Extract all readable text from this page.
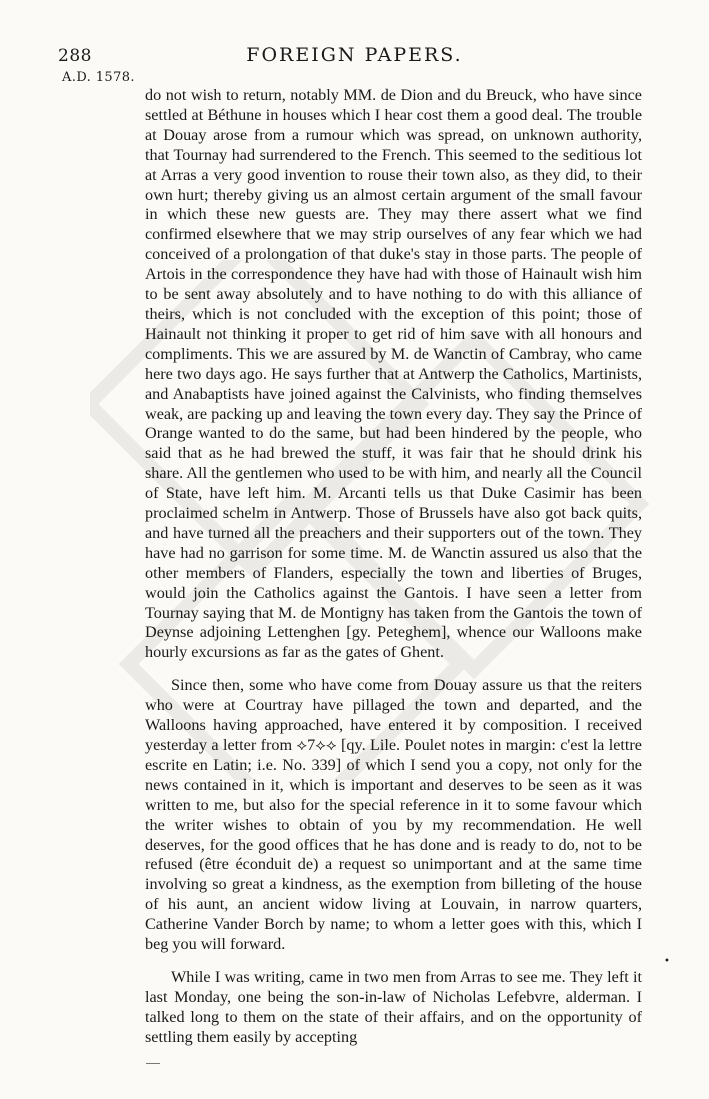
288	FOREIGN PAPERS.
A.D. 1578.

do not wish to return, notably MM. de Dion and du Breuck, who have since settled at Béthune in houses which I hear cost them a good deal. The trouble at Douay arose from a rumour which was spread, on unknown authority, that Tournay had surrendered to the French. This seemed to the seditious lot at Arras a very good invention to rouse their town also, as they did, to their own hurt; thereby giving us an almost certain argument of the small favour in which these new guests are. They may there assert what we find confirmed elsewhere that we may strip ourselves of any fear which we had conceived of a prolongation of that duke's stay in those parts. The people of Artois in the correspondence they have had with those of Hainault wish him to be sent away absolutely and to have nothing to do with this alliance of theirs, which is not concluded with the exception of this point; those of Hainault not thinking it proper to get rid of him save with all honours and compliments. This we are assured by M. de Wanctin of Cambray, who came here two days ago. He says further that at Antwerp the Catholics, Martinists, and Anabaptists have joined against the Calvinists, who finding themselves weak, are packing up and leaving the town every day. They say the Prince of Orange wanted to do the same, but had been hindered by the people, who said that as he had brewed the stuff, it was fair that he should drink his share. All the gentlemen who used to be with him, and nearly all the Council of State, have left him. M. Arcanti tells us that Duke Casimir has been proclaimed schelm in Antwerp. Those of Brussels have also got back quits, and have turned all the preachers and their supporters out of the town. They have had no garrison for some time. M. de Wanctin assured us also that the other members of Flanders, especially the town and liberties of Bruges, would join the Catholics against the Gantois. I have seen a letter from Tournay saying that M. de Montigny has taken from the Gantois the town of Deynse adjoining Lettenghen [gy. Peteghem], whence our Walloons make hourly excursions as far as the gates of Ghent.

Since then, some who have come from Douay assure us that the reiters who were at Courtray have pillaged the town and departed, and the Walloons having approached, have entered it by composition. I received yesterday a letter from ⟡7⟡⟡ [qy. Lile. Poulet notes in margin: c'est la lettre escrite en Latin; i.e. No. 339] of which I send you a copy, not only for the news contained in it, which is important and deserves to be seen as it was written to me, but also for the special reference in it to some favour which the writer wishes to obtain of you by my recommendation. He well deserves, for the good offices that he has done and is ready to do, not to be refused (être éconduit de) a request so unimportant and at the same time involving so great a kindness, as the exemption from billeting of the house of his aunt, an ancient widow living at Louvain, in narrow quarters, Catherine Vander Borch by name; to whom a letter goes with this, which I beg you will forward.

While I was writing, came in two men from Arras to see me. They left it last Monday, one being the son-in-law of Nicholas Lefebvre, alderman. I talked long to them on the state of their affairs, and on the opportunity of settling them easily by accepting

•
